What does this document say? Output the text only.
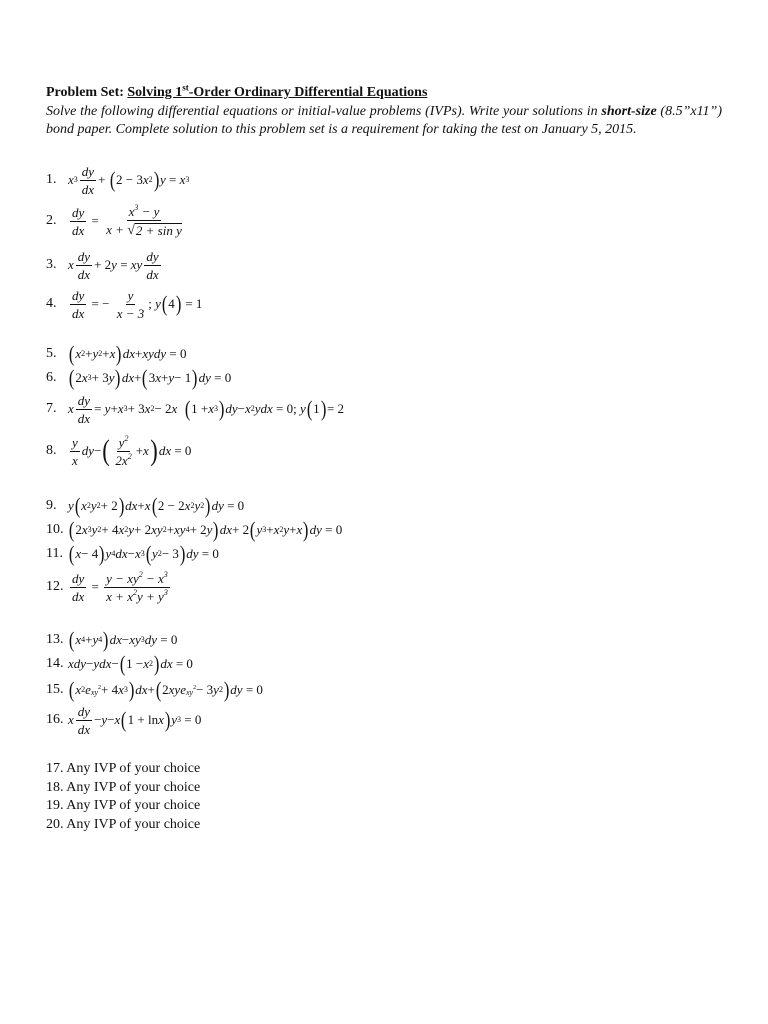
Problem Set: Solving 1st-Order Ordinary Differential Equations
Solve the following differential equations or initial-value problems (IVPs). Write your solutions in short-size (8.5”x11”) bond paper. Complete solution to this problem set is a requirement for taking the test on January 5, 2015.
1. x $3 \frac{dy}{dx}$ + ( 2 − 3 x 2 ) y = x 3
2.	$\frac{dy}{dx} = \frac{x^3 - y}{\text{x + √ 2 + sin y}}$
3. x $\frac{dy}{dx} + 2$ y = xy $\frac{dy}{dx}$
4.	$\frac{dy}{dx}$ = − $\frac{y}{x - 3}$ ; y ( 4 ) = 1
5. ( x 2 + y 2 + x ) dx + xydy = 0
6. ( 2 x 3 + 3 y ) dx + ( 3 x + y − 1 ) dy = 0
7. x $\frac{dy}{dx} = y + x$ 3 + 3 x 2 − 2 x
( 1 + x 3 ) dy − x 2 ydx = 0; y ( 1 ) = 2
8.	$\frac{y}{x}$ dy − ( $\frac{y^2}{2x^2} + x$ ) dx = 0
9. y ( x 2 y 2 + 2 ) dx + x ( 2 − 2 x 2 y 2 ) dy = 0
10. ( 2 x 3 y 2 + 4 x 2 y + 2 xy 2 + xy 4 + 2 y ) dx + 2 ( y 3 + x 2 y + x ) dy = 0
11. ( x − 4 ) y 4 dx − x 3 ( y 2 − 3 ) dy = 0
12. $\frac{dy}{dx} = \frac{y - xy^2 - x^3}{x + x^2y + y^3}$
13. ( x 4 + y 4 ) dx − xy 3 dy = 0
14. xdy − ydx − ( 1 − x 2 ) dx = 0
15. ( x 2 e $xy^2 + 4$ x 3 ) dx + ( 2 xye $xy^2 - 3$ y 2 ) dy = 0
16. x $\frac{dy}{dx} - y - x$ ( 1 + ln x ) y 3 = 0
17. Any IVP of your choice
18. Any IVP of your choice
19. Any IVP of your choice
20. Any IVP of your choice
